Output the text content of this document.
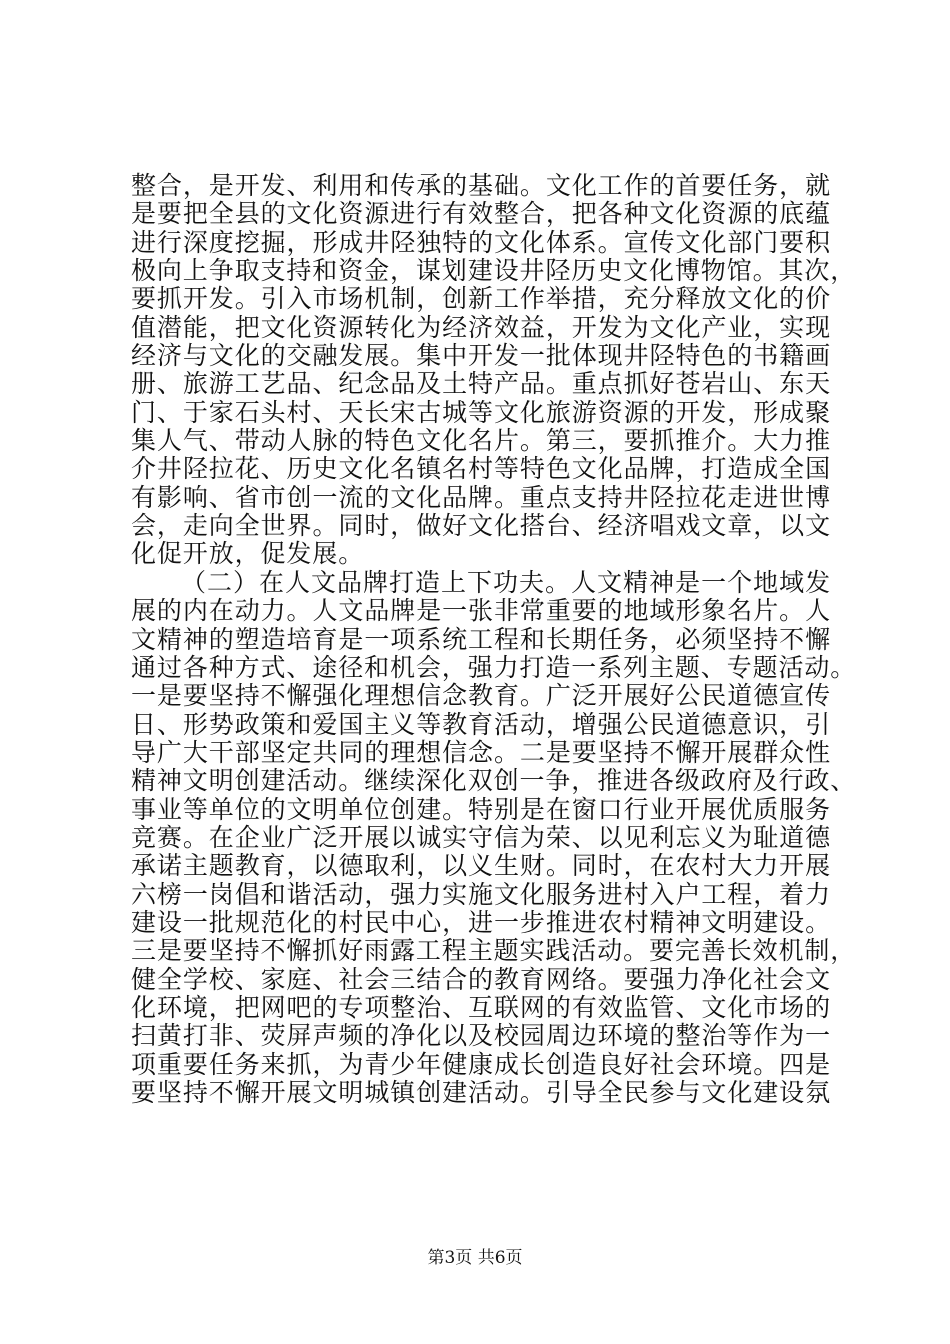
整合，是开发、利用和传承的基础。文化工作的首要任务，就
是要把全县的文化资源进行有效整合，把各种文化资源的底蕴
进行深度挖掘，形成井陉独特的文化体系。宣传文化部门要积
极向上争取支持和资金，谋划建设井陉历史文化博物馆。其次，
要抓开发。引入市场机制，创新工作举措，充分释放文化的价
值潜能，把文化资源转化为经济效益，开发为文化产业，实现
经济与文化的交融发展。集中开发一批体现井陉特色的书籍画
册、旅游工艺品、纪念品及土特产品。重点抓好苍岩山、东天
门、于家石头村、天长宋古城等文化旅游资源的开发，形成聚
集人气、带动人脉的特色文化名片。第三，要抓推介。大力推
介井陉拉花、历史文化名镇名村等特色文化品牌，打造成全国
有影响、省市创一流的文化品牌。重点支持井陉拉花走进世博
会，走向全世界。同时，做好文化搭台、经济唱戏文章，以文
化促开放，促发展。
（二）在人文品牌打造上下功夫。人文精神是一个地域发
展的内在动力。人文品牌是一张非常重要的地域形象名片。人
文精神的塑造培育是一项系统工程和长期任务，必须坚持不懈
通过各种方式、途径和机会，强力打造一系列主题、专题活动。
一是要坚持不懈强化理想信念教育。广泛开展好公民道德宣传
日、形势政策和爱国主义等教育活动，增强公民道德意识，引
导广大干部坚定共同的理想信念。二是要坚持不懈开展群众性
精神文明创建活动。继续深化双创一争，推进各级政府及行政、
事业等单位的文明单位创建。特别是在窗口行业开展优质服务
竞赛。在企业广泛开展以诚实守信为荣、以见利忘义为耻道德
承诺主题教育，以德取利，以义生财。同时，在农村大力开展
六榜一岗倡和谐活动，强力实施文化服务进村入户工程，着力
建设一批规范化的村民中心，进一步推进农村精神文明建设。
三是要坚持不懈抓好雨露工程主题实践活动。要完善长效机制，
健全学校、家庭、社会三结合的教育网络。要强力净化社会文
化环境，把网吧的专项整治、互联网的有效监管、文化市场的
扫黄打非、荧屏声频的净化以及校园周边环境的整治等作为一
项重要任务来抓，为青少年健康成长创造良好社会环境。四是
要坚持不懈开展文明城镇创建活动。引导全民参与文化建设氛
第3页 共6页
